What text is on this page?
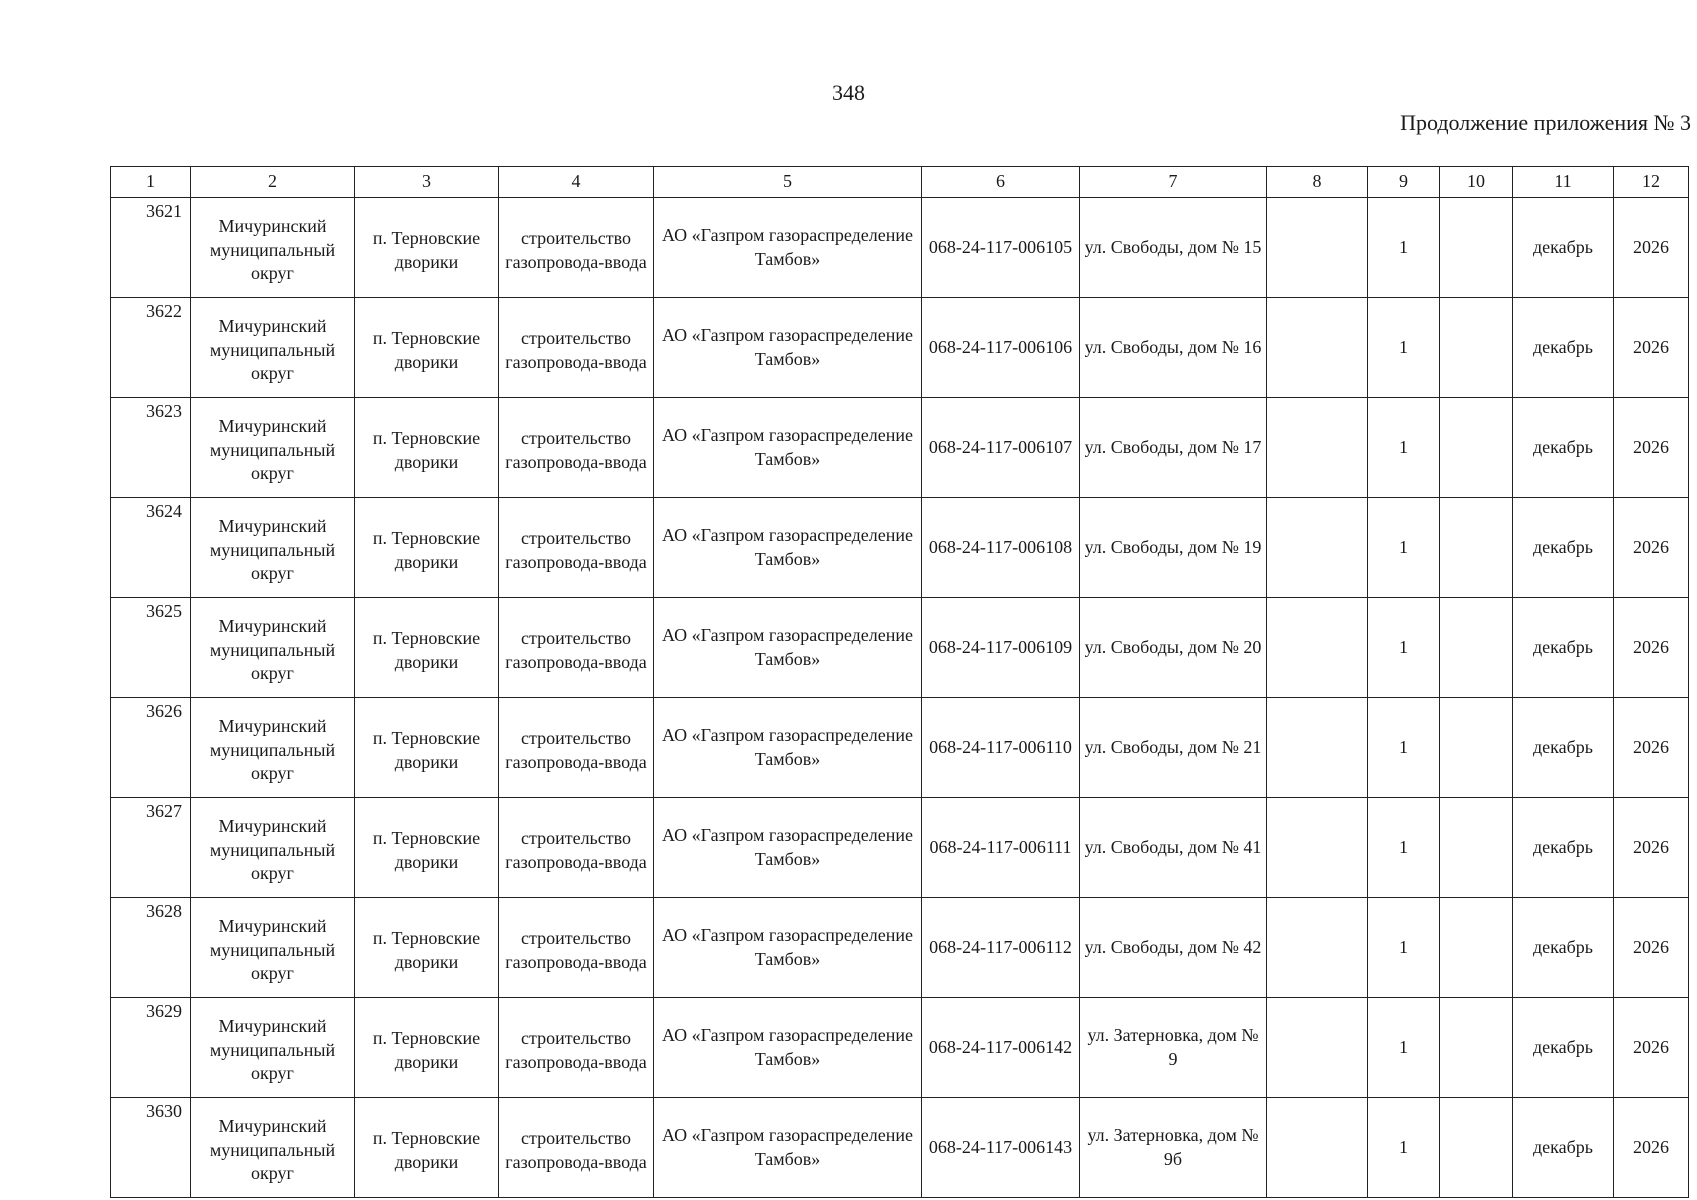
348
Продолжение приложения № 3
1	2	3	4	5	6	7	8	9	10	11	12
3621	Мичуринский муниципальный округ	п. Терновские дворики	строительство газопровода-ввода	АО «Газпром газораспределение Тамбов»	068-24-117-006105	ул. Свободы, дом № 15		1		декабрь	2026
3622	Мичуринский муниципальный округ	п. Терновские дворики	строительство газопровода-ввода	АО «Газпром газораспределение Тамбов»	068-24-117-006106	ул. Свободы, дом № 16		1		декабрь	2026
3623	Мичуринский муниципальный округ	п. Терновские дворики	строительство газопровода-ввода	АО «Газпром газораспределение Тамбов»	068-24-117-006107	ул. Свободы, дом № 17		1		декабрь	2026
3624	Мичуринский муниципальный округ	п. Терновские дворики	строительство газопровода-ввода	АО «Газпром газораспределение Тамбов»	068-24-117-006108	ул. Свободы, дом № 19		1		декабрь	2026
3625	Мичуринский муниципальный округ	п. Терновские дворики	строительство газопровода-ввода	АО «Газпром газораспределение Тамбов»	068-24-117-006109	ул. Свободы, дом № 20		1		декабрь	2026
3626	Мичуринский муниципальный округ	п. Терновские дворики	строительство газопровода-ввода	АО «Газпром газораспределение Тамбов»	068-24-117-006110	ул. Свободы, дом № 21		1		декабрь	2026
3627	Мичуринский муниципальный округ	п. Терновские дворики	строительство газопровода-ввода	АО «Газпром газораспределение Тамбов»	068-24-117-006111	ул. Свободы, дом № 41		1		декабрь	2026
3628	Мичуринский муниципальный округ	п. Терновские дворики	строительство газопровода-ввода	АО «Газпром газораспределение Тамбов»	068-24-117-006112	ул. Свободы, дом № 42		1		декабрь	2026
3629	Мичуринский муниципальный округ	п. Терновские дворики	строительство газопровода-ввода	АО «Газпром газораспределение Тамбов»	068-24-117-006142	ул. Затерновка, дом № 9		1		декабрь	2026
3630	Мичуринский муниципальный округ	п. Терновские дворики	строительство газопровода-ввода	АО «Газпром газораспределение Тамбов»	068-24-117-006143	ул. Затерновка, дом № 9б		1		декабрь	2026
